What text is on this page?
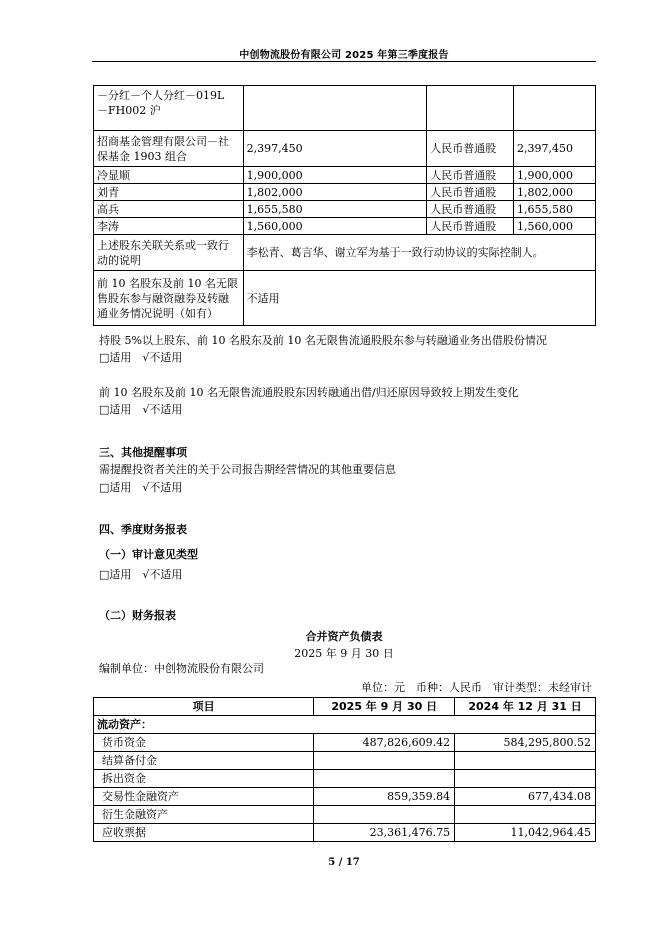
中创物流股份有限公司 2025 年第三季度报告
－分红－个人分红－019L
－FH002 沪			

招商基金管理有限公司－社
保基金 1903 组合	2,397,450	人民币普通股	2,397,450
冷显顺	1,900,000	人民币普通股	1,900,000
刘青	1,802,000	人民币普通股	1,802,000
高兵	1,655,580	人民币普通股	1,655,580
李涛	1,560,000	人民币普通股	1,560,000

上述股东关联关系或一致行
动的说明	李松青、葛言华、谢立军为基于一致行动协议的实际控制人。		

前 10 名股东及前 10 名无限
售股东参与融资融券及转融
通业务情况说明（如有）	不适用		
持股 5%以上股东、前 10 名股东及前 10 名无限售流通股股东参与转融通业务出借股份情况
□适用　√不适用
前 10 名股东及前 10 名无限售流通股股东因转融通出借/归还原因导致较上期发生变化
□适用　√不适用
三、其他提醒事项
需提醒投资者关注的关于公司报告期经营情况的其他重要信息
□适用　√不适用
四、季度财务报表
（一）审计意见类型
□适用　√不适用
（二）财务报表
合并资产负债表
2025 年 9 月 30 日
编制单位：中创物流股份有限公司
单位：元　币种：人民币　审计类型：未经审计
项目	2025 年 9 月 30 日	2024 年 12 月 31 日
流动资产：		
货币资金	487,826,609.42	584,295,800.52
结算备付金		
拆出资金		
交易性金融资产	859,359.84	677,434.08
衍生金融资产		
应收票据	23,361,476.75	11,042,964.45
5 / 17
